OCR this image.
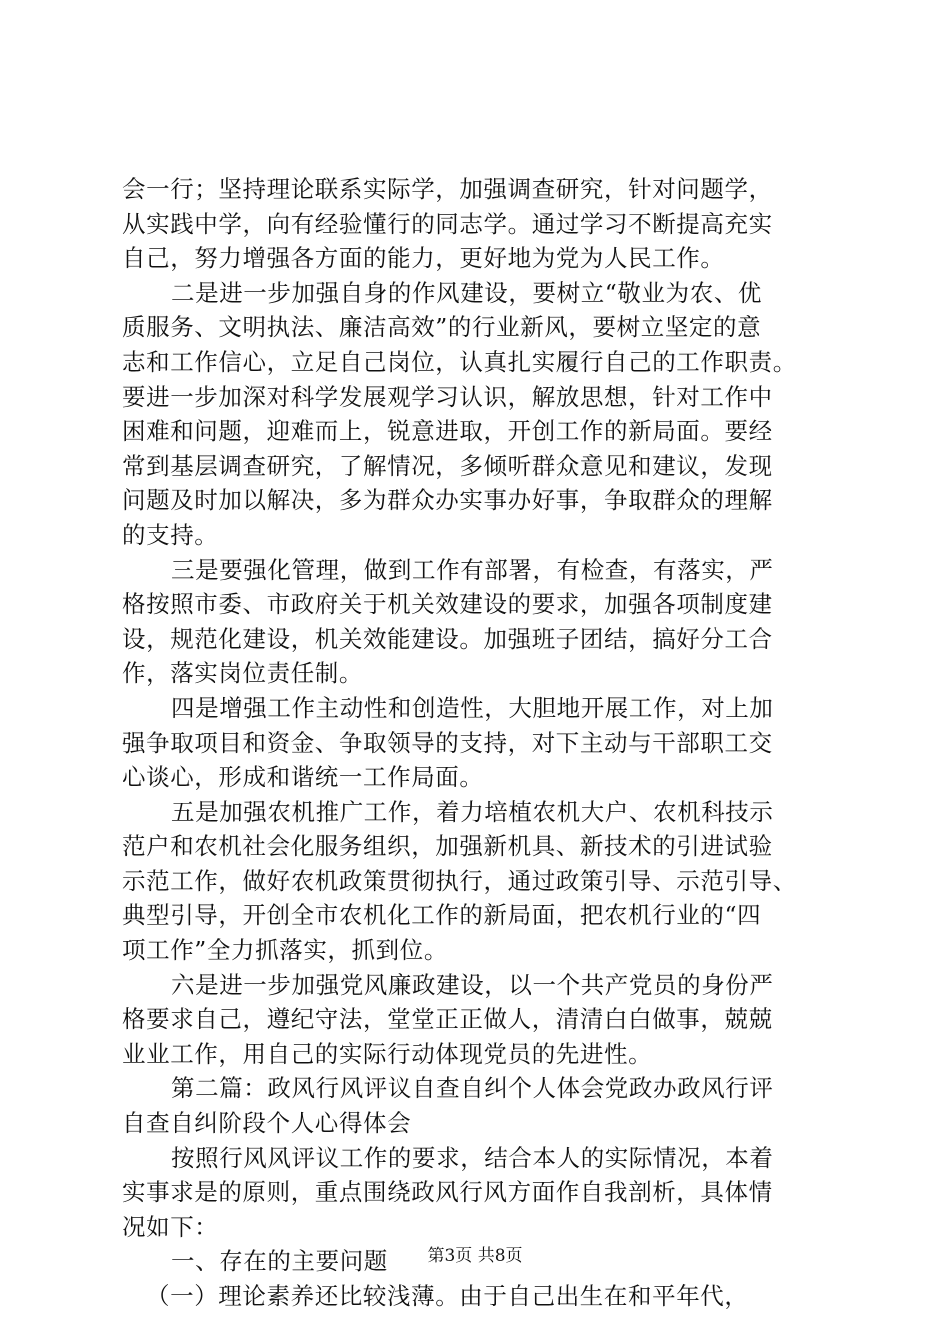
会一行；坚持理论联系实际学，加强调查研究，针对问题学，
从实践中学，向有经验懂行的同志学。通过学习不断提高充实
自己，努力增强各方面的能力，更好地为党为人民工作。
二是进一步加强自身的作风建设，要树立“敬业为农、优
质服务、文明执法、廉洁高效”的行业新风，要树立坚定的意
志和工作信心，立足自己岗位，认真扎实履行自己的工作职责。
要进一步加深对科学发展观学习认识，解放思想，针对工作中
困难和问题，迎难而上，锐意进取，开创工作的新局面。要经
常到基层调查研究，了解情况，多倾听群众意见和建议，发现
问题及时加以解决，多为群众办实事办好事，争取群众的理解
的支持。
三是要强化管理，做到工作有部署，有检查，有落实，严
格按照市委、市政府关于机关效建设的要求，加强各项制度建
设，规范化建设，机关效能建设。加强班子团结，搞好分工合
作，落实岗位责任制。
四是增强工作主动性和创造性，大胆地开展工作，对上加
强争取项目和资金、争取领导的支持，对下主动与干部职工交
心谈心，形成和谐统一工作局面。
五是加强农机推广工作，着力培植农机大户、农机科技示
范户和农机社会化服务组织，加强新机具、新技术的引进试验
示范工作，做好农机政策贯彻执行，通过政策引导、示范引导、
典型引导，开创全市农机化工作的新局面，把农机行业的“四
项工作”全力抓落实，抓到位。
六是进一步加强党风廉政建设，以一个共产党员的身份严
格要求自己，遵纪守法，堂堂正正做人，清清白白做事，兢兢
业业工作，用自己的实际行动体现党员的先进性。
第二篇：政风行风评议自查自纠个人体会党政办政风行评
自查自纠阶段个人心得体会
按照行风风评议工作的要求，结合本人的实际情况，本着
实事求是的原则，重点围绕政风行风方面作自我剖析，具体情
况如下：
一、存在的主要问题
（一）理论素养还比较浅薄。由于自己出生在和平年代，
第3页 共8页
